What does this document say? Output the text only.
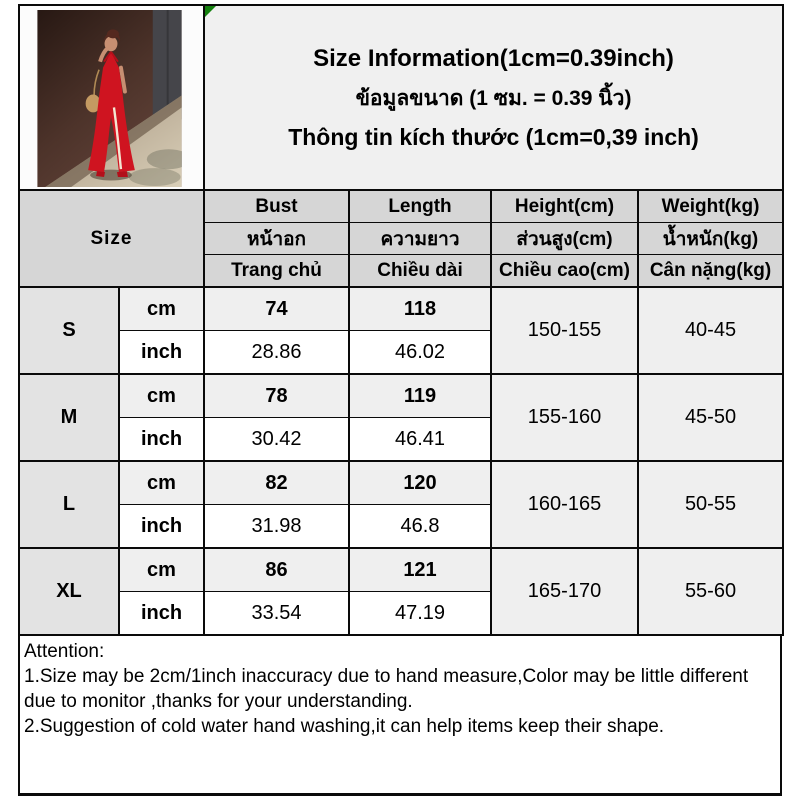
Size Information(1cm=0.39inch)
ข้อมูลขนาด (1 ซม. = 0.39 นิ้ว)
Thông tin kích thước (1cm=0,39 inch)			

Size		Bust	Length	Height(cm)	Weight(kg)
		หน้าอก	ความยาว	ส่วนสูง(cm)	น้ำหนัก(kg)
		Trang chủ	Chiều dài	Chiều cao(cm)	Cân nặng(kg)
S	cm	74	118	150-155	40-45
	inch	28.86	46.02		
M	cm	78	119	155-160	45-50
	inch	30.42	46.41		
L	cm	82	120	160-165	50-55
	inch	31.98	46.8		
XL	cm	86	121	165-170	55-60
	inch	33.54	47.19		
Attention:
1.Size may be 2cm/1inch inaccuracy due to hand measure,Color may be little different due to monitor ,thanks for your understanding.
2.Suggestion of cold water hand washing,it can help items keep their shape.
